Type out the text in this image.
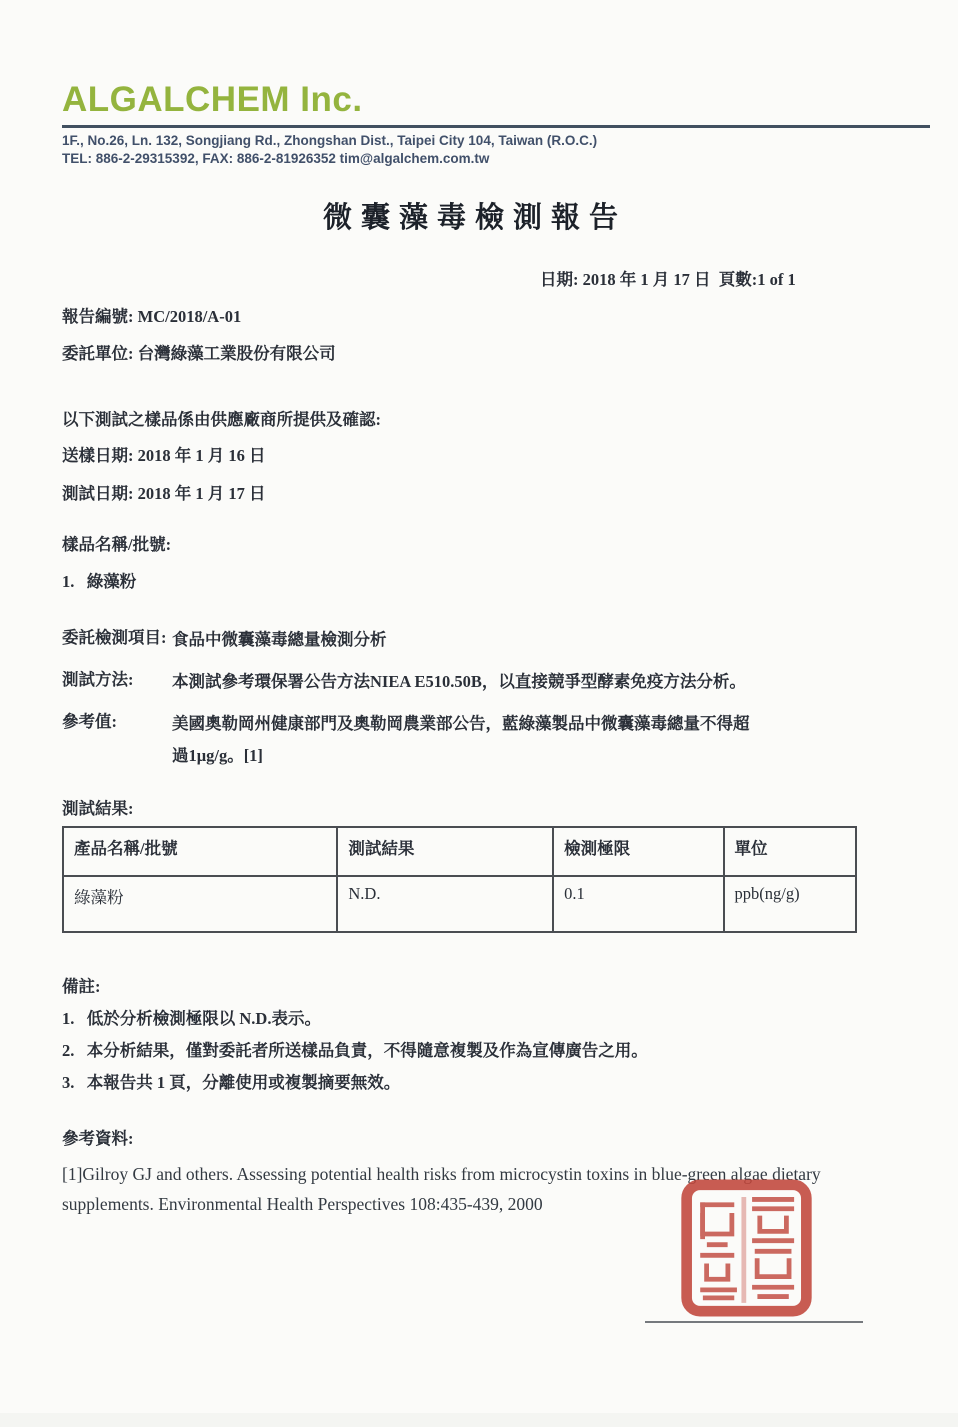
ALGALCHEM Inc.
1F., No.26, Ln. 132, Songjiang Rd., Zhongshan Dist., Taipei City 104, Taiwan (R.O.C.)
TEL: 886-2-29315392, FAX: 886-2-81926352 tim@algalchem.com.tw
微囊藻毒檢測報告
日期: 2018 年 1 月 17 日  頁數:1 of 1
報告編號: MC/2018/A-01
委託單位: 台灣綠藻工業股份有限公司
以下測試之樣品係由供應廠商所提供及確認:
送樣日期: 2018 年 1 月 16 日
測試日期: 2018 年 1 月 17 日
樣品名稱/批號:
1.   綠藻粉
委託檢測項目: 食品中微囊藻毒總量檢測分析
測試方法:	本測試參考環保署公告方法NIEA E510.50B，以直接競爭型酵素免疫方法分析。
參考值:	美國奧勒岡州健康部門及奧勒岡農業部公告，藍綠藻製品中微囊藻毒總量不得超
過1μg/g。[1]
測試結果:
產品名稱/批號	測試結果	檢測極限	單位
綠藻粉	N.D.	0.1	ppb(ng/g)
備註:
1.   低於分析檢測極限以 N.D.表示。
2.   本分析結果，僅對委託者所送樣品負責，不得隨意複製及作為宣傳廣告之用。
3.   本報告共 1 頁，分離使用或複製摘要無效。
參考資料:
[1]Gilroy GJ and others. Assessing potential health risks from microcystin toxins in blue-green algae dietary supplements. Environmental Health Perspectives 108:435-439, 2000
